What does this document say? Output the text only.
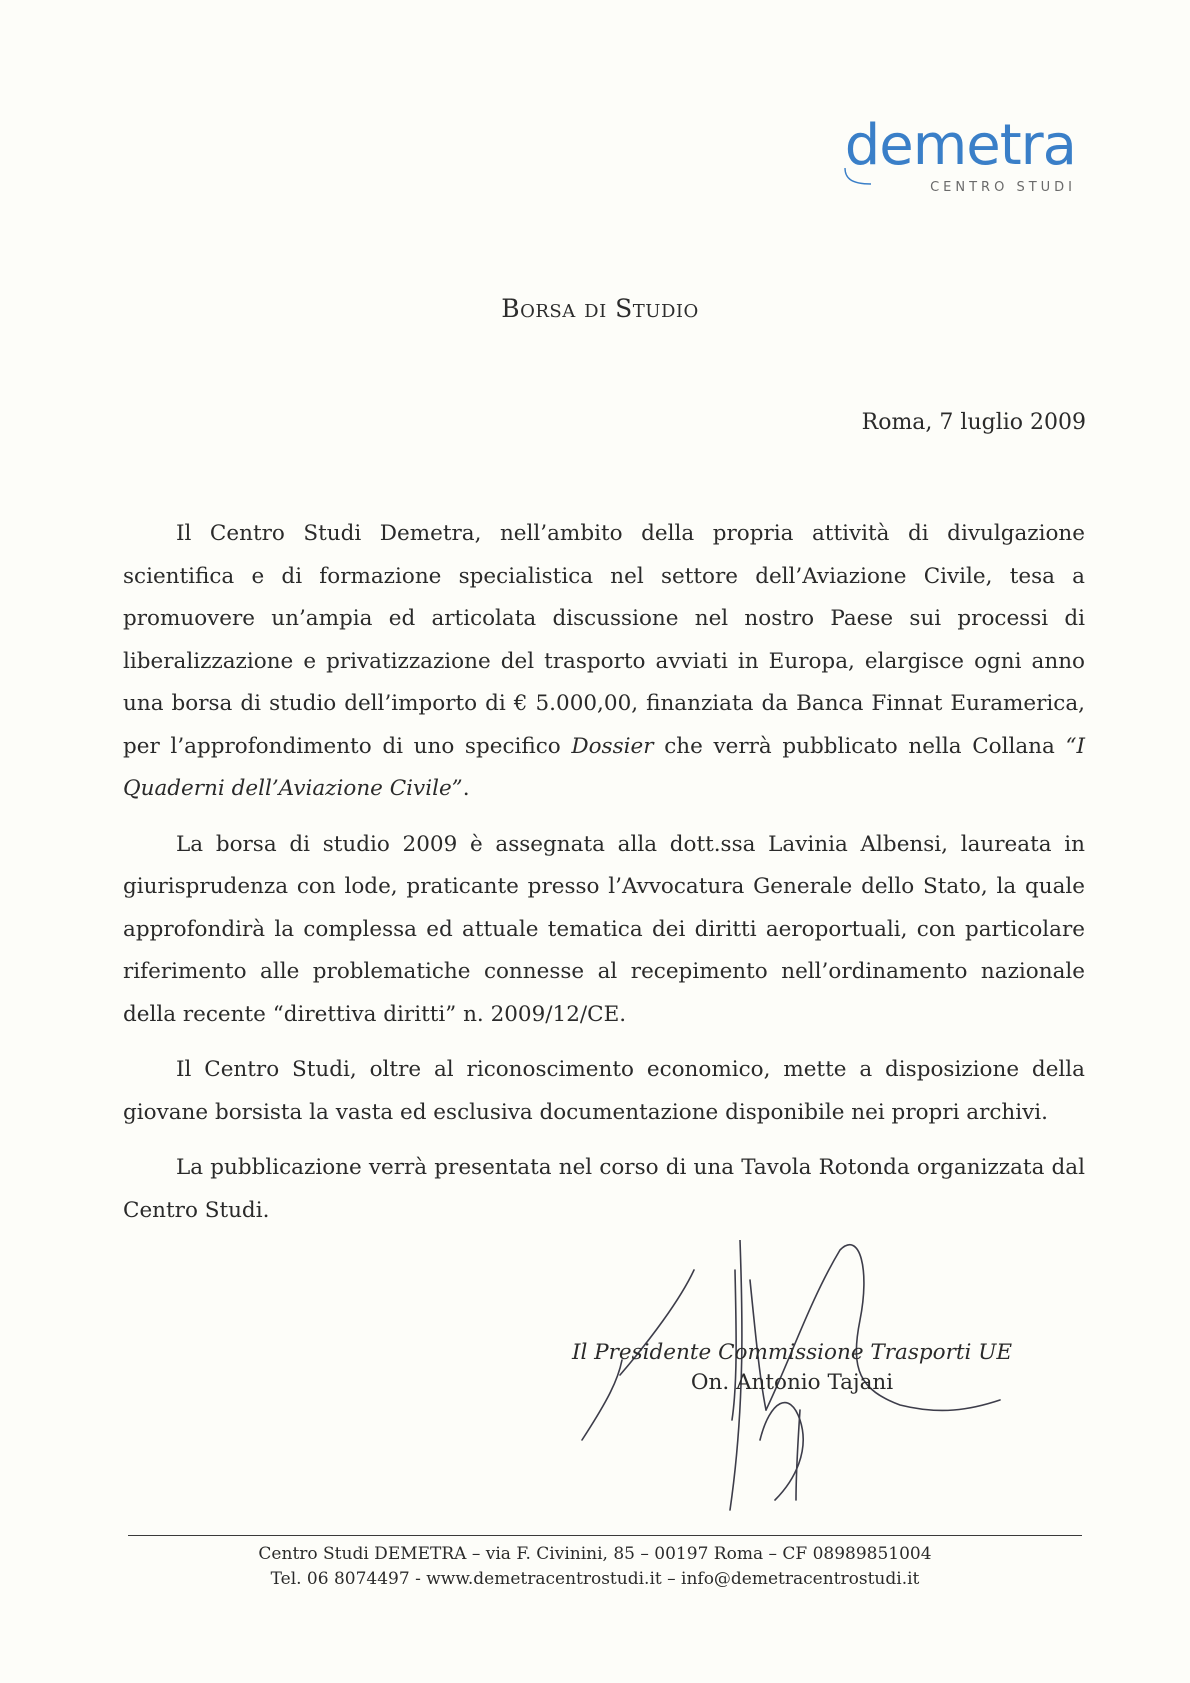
demetra
CENTRO STUDI
Borsa di Studio
Roma, 7 luglio 2009

Il Centro Studi Demetra, nell’ambito della propria attività di divulgazione scientifica e di formazione specialistica nel settore dell’Aviazione Civile, tesa a promuovere un’ampia ed articolata discussione nel nostro Paese sui processi di liberalizzazione e privatizzazione del trasporto avviati in Europa, elargisce ogni anno una borsa di studio dell’importo di € 5.000,00, finanziata da Banca Finnat Euramerica, per l’approfondimento di uno specifico Dossier che verrà pubblicato nella Collana “I Quaderni dell’Aviazione Civile”.

La borsa di studio 2009 è assegnata alla dott.ssa Lavinia Albensi, laureata in giurisprudenza con lode, praticante presso l’Avvocatura Generale dello Stato, la quale approfondirà la complessa ed attuale tematica dei diritti aeroportuali, con particolare riferimento alle problematiche connesse al recepimento nell’ordinamento nazionale della recente “direttiva diritti” n. 2009/12/CE.

Il Centro Studi, oltre al riconoscimento economico, mette a disposizione della giovane borsista la vasta ed esclusiva documentazione disponibile nei propri archivi.

La pubblicazione verrà presentata nel corso di una Tavola Rotonda organizzata dal Centro Studi.

Il Presidente Commissione Trasporti UE
On. Antonio Tajani
Centro Studi DEMETRA – via F. Civinini, 85 – 00197 Roma – CF 08989851004
Tel. 06 8074497 - www.demetracentrostudi.it – info@demetracentrostudi.it
